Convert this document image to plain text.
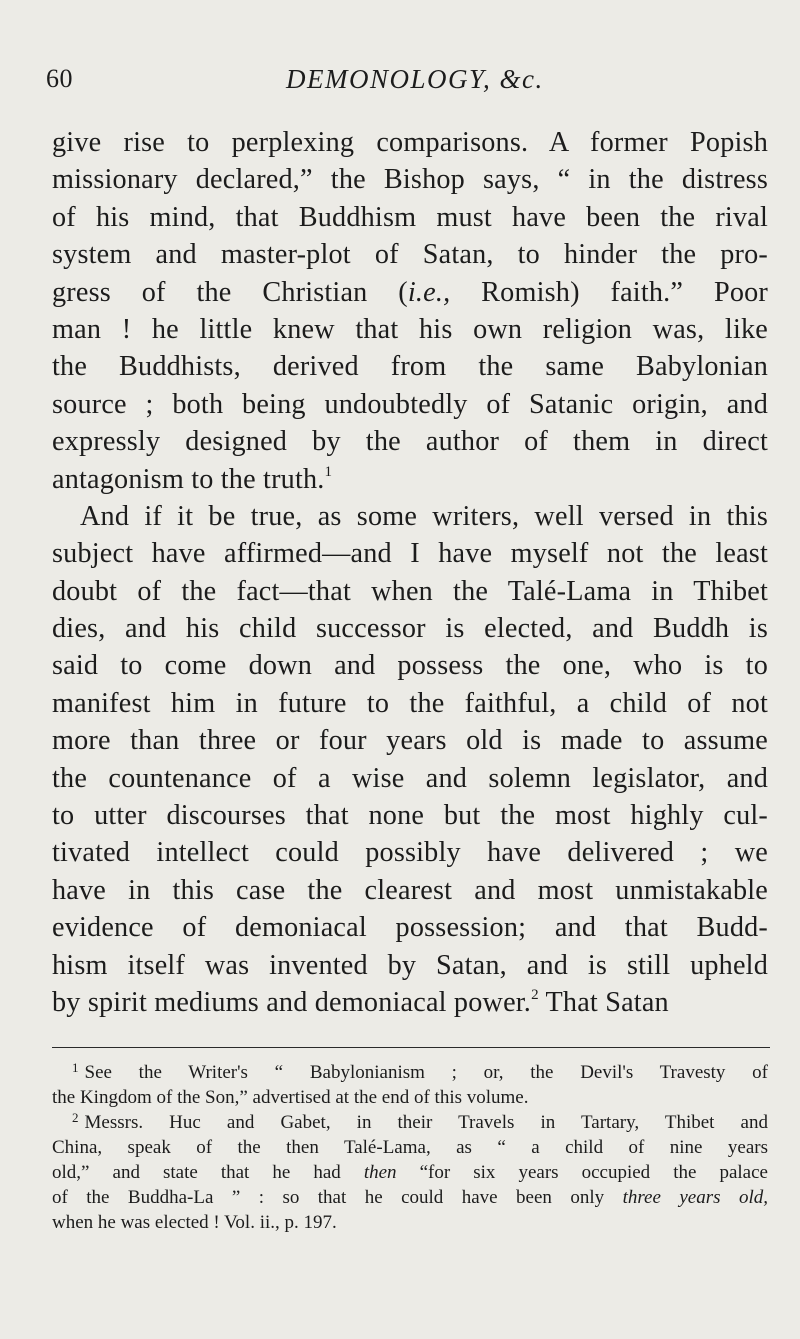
60	DEMONOLOGY, &c.
give rise to perplexing comparisons. A former Popish
missionary declared,” the Bishop says, “ in the distress
of his mind, that Buddhism must have been the rival
system and master-plot of Satan, to hinder the pro-
gress of the Christian (i.e., Romish) faith.” Poor
man ! he little knew that his own religion was, like
the Buddhists, derived from the same Babylonian
source ; both being undoubtedly of Satanic origin, and
expressly designed by the author of them in direct
antagonism to the truth.$^1$
And if it be true, as some writers, well versed in this
subject have affirmed—and I have myself not the least
doubt of the fact—that when the Talé-Lama in Thibet
dies, and his child successor is elected, and Buddh is
said to come down and possess the one, who is to
manifest him in future to the faithful, a child of not
more than three or four years old is made to assume
the countenance of a wise and solemn legislator, and
to utter discourses that none but the most highly cul-
tivated intellect could possibly have delivered ; we
have in this case the clearest and most unmistakable
evidence of demoniacal possession; and that Budd-
hism itself was invented by Satan, and is still upheld
by spirit mediums and demoniacal power.$^2$ That Satan
$^1$ See the Writer's “ Babylonianism ; or, the Devil's Travesty of
the Kingdom of the Son,” advertised at the end of this volume.
$^2$ Messrs. Huc and Gabet, in their Travels in Tartary, Thibet and
China, speak of the then Talé-Lama, as “ a child of nine years
old,” and state that he had then “for six years occupied the palace
of the Buddha-La ” : so that he could have been only three years old,
when he was elected ! Vol. ii., p. 197.
